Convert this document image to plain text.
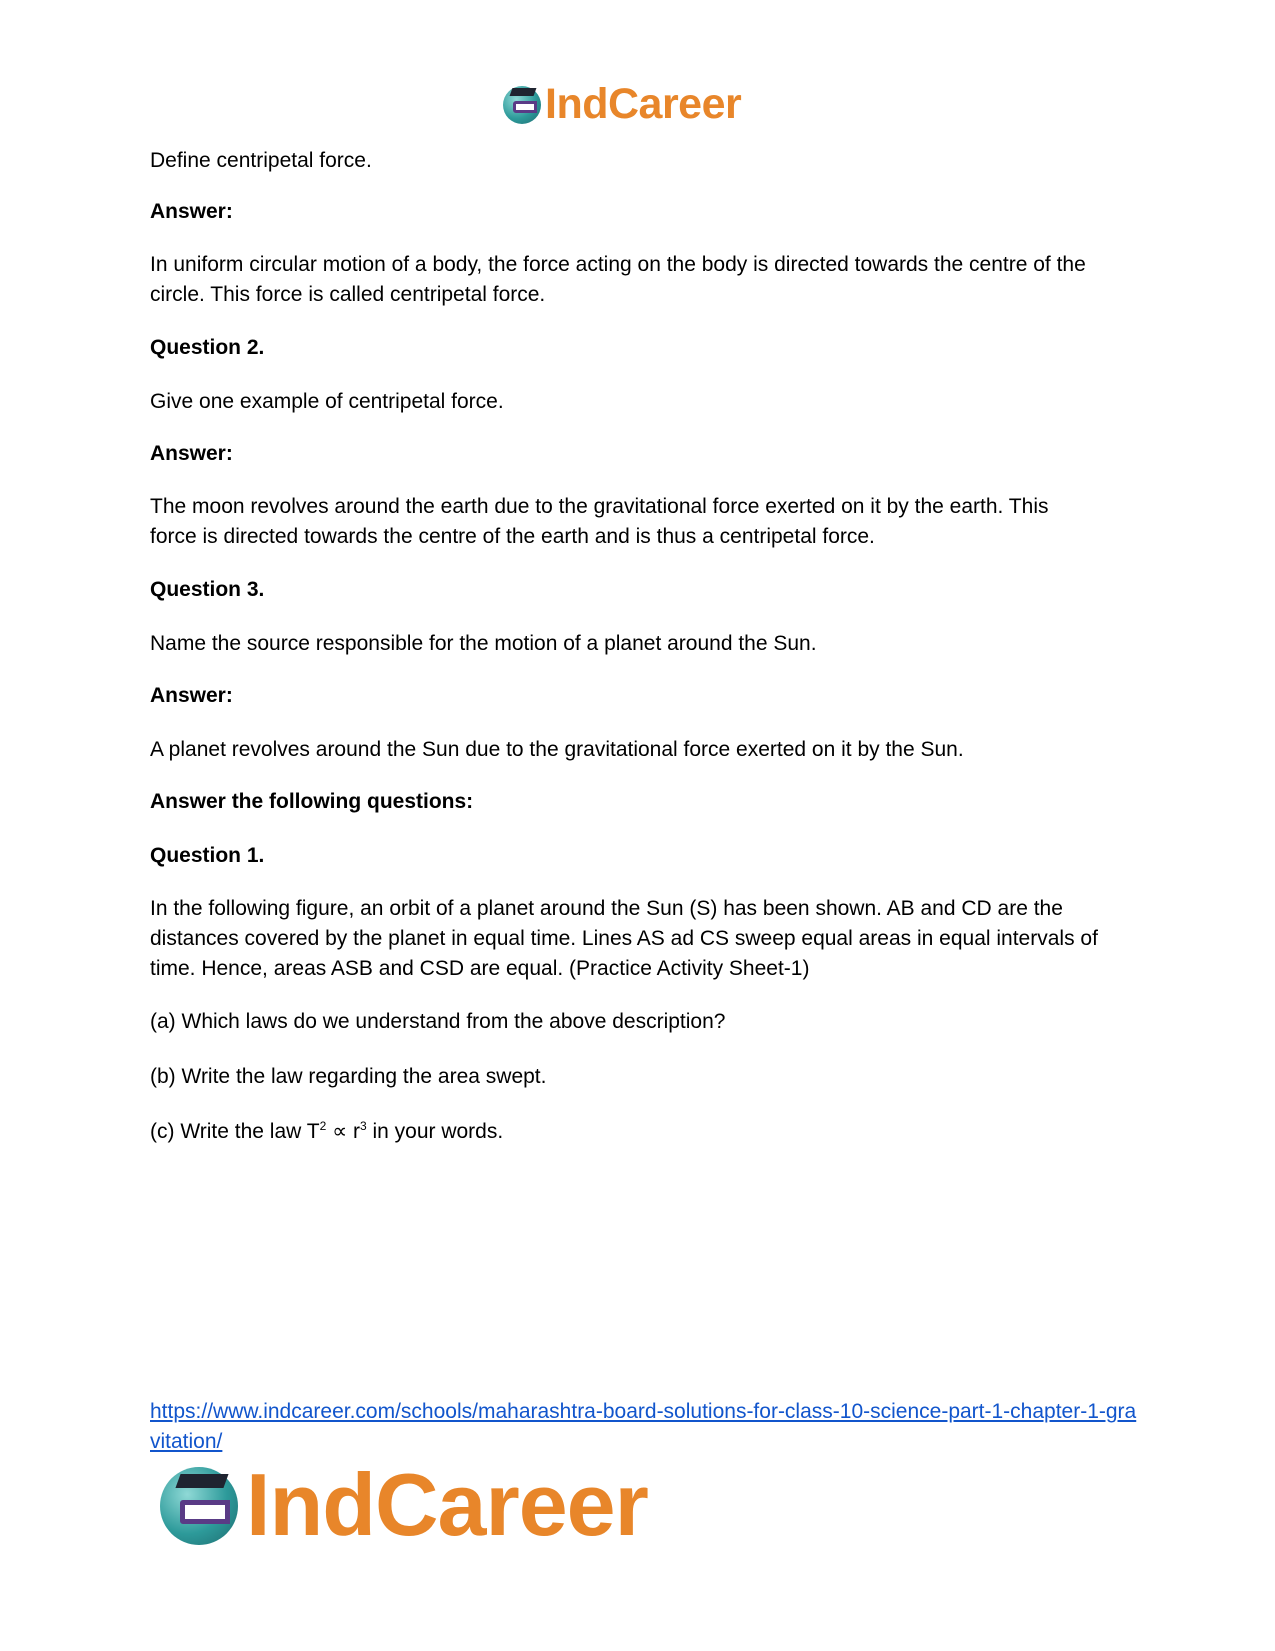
IndCareer

Define centripetal force.

Answer:

In uniform circular motion of a body, the force acting on the body is directed towards the centre of the circle. This force is called centripetal force.

Question 2.

Give one example of centripetal force.

Answer:

The moon revolves around the earth due to the gravitational force exerted on it by the earth. This force is directed towards the centre of the earth and is thus a centripetal force.

Question 3.

Name the source responsible for the motion of a planet around the Sun.

Answer:

A planet revolves around the Sun due to the gravitational force exerted on it by the Sun.

Answer the following questions:

Question 1.

In the following figure, an orbit of a planet around the Sun (S) has been shown. AB and CD are the distances covered by the planet in equal time. Lines AS ad CS sweep equal areas in equal intervals of time. Hence, areas ASB and CSD are equal. (Practice Activity Sheet-1)

(a) Which laws do we understand from the above description?

(b) Write the law regarding the area swept.

(c) Write the law $T^2 \propto r^3$ in your words.

https://www.indcareer.com/schools/maharashtra-board-solutions-for-class-10-science-part-1-chapter-1-gravitation/
IndCareer
